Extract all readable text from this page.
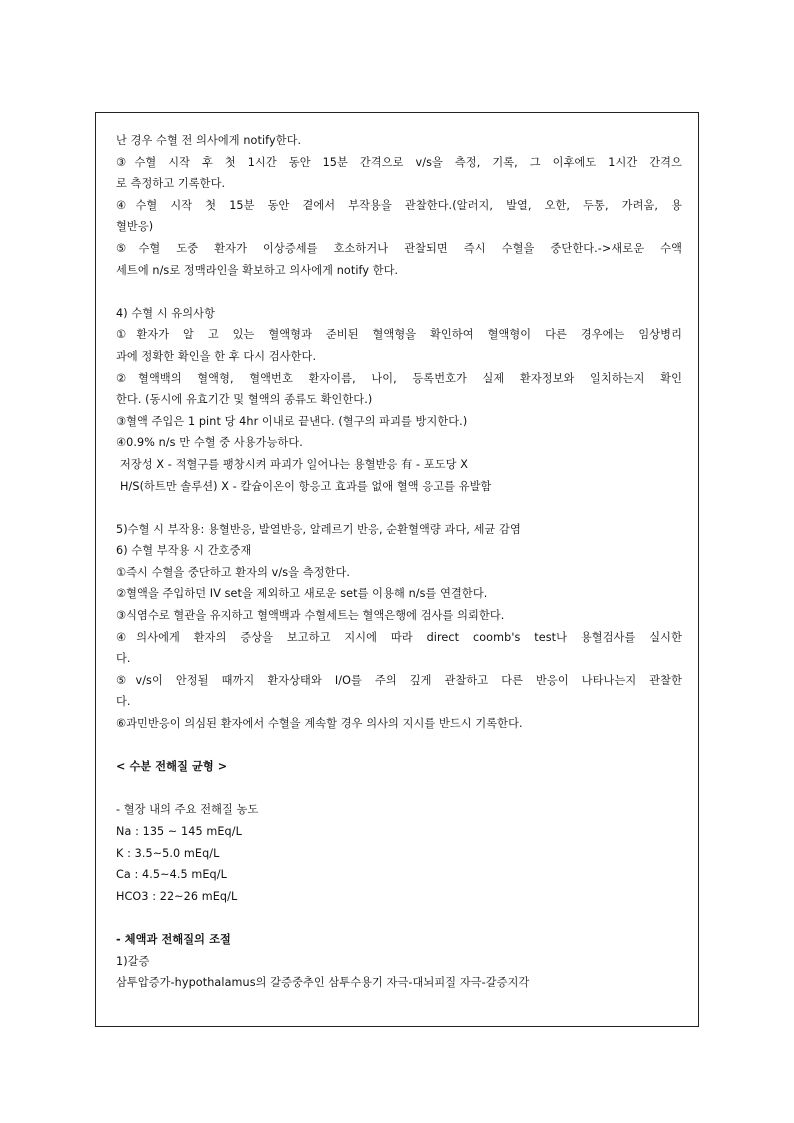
난 경우 수혈 전 의사에게 notify한다.
③수혈 시작 후 첫 1시간 동안 15분 간격으로 v/s을 측정, 기록, 그 이후에도 1시간 간격으
로 측정하고 기록한다.
④수혈 시작 첫 15분 동안 곁에서 부작용을 관찰한다.(알러지, 발열, 오한, 두통, 가려움, 용
혈반응)
⑤수혈 도중 환자가 이상증세를 호소하거나 관찰되면 즉시 수혈을 중단한다.->새로운 수액
세트에 n/s로 정맥라인을 확보하고 의사에게 notify 한다.
4) 수혈 시 유의사항
①환자가 알 고 있는 혈액형과 준비된 혈액형을 확인하여 혈액형이 다른 경우에는 임상병리
과에 정확한 확인을 한 후 다시 검사한다.
②혈액백의 혈액형, 혈액번호 환자이름, 나이, 등록번호가 실제 환자정보와 일치하는지 확인
한다. (동시에 유효기간 및 혈액의 종류도 확인한다.)
③혈액 주입은 1 pint 당 4hr 이내로 끝낸다. (혈구의 파괴를 방지한다.)
④0.9% n/s 만 수혈 중 사용가능하다.
저장성 X - 적혈구를 팽창시켜 파괴가 일어나는 용혈반응 有 - 포도당 X
H/S(하트만 솔루션) X - 칼슘이온이 항응고 효과를 없애 혈액 응고를 유발함
5)수혈 시 부작용: 용혈반응, 발열반응, 알레르기 반응, 순환혈액량 과다, 세균 감염
6) 수혈 부작용 시 간호중재
①즉시 수혈을 중단하고 환자의 v/s을 측정한다.
②혈액을 주입하던 IV set을 제외하고 새로운 set를 이용해 n/s를 연결한다.
③식염수로 혈관을 유지하고 혈액백과 수혈세트는 혈액은행에 검사를 의뢰한다.
④의사에게 환자의 증상을 보고하고 지시에 따라 direct coomb's test나 용혈검사를 실시한
다.
⑤v/s이 안정될 때까지 환자상태와 I/O를 주의 깊게 관찰하고 다른 반응이 나타나는지 관찰한
다.
⑥과민반응이 의심된 환자에서 수혈을 계속할 경우 의사의 지시를 반드시 기록한다.
< 수분 전해질 균형 >
- 혈장 내의 주요 전해질 농도
Na : 135 ~ 145 mEq/L
K : 3.5~5.0 mEq/L
Ca : 4.5~4.5 mEq/L
HCO3 : 22~26 mEq/L
- 체액과 전해질의 조절
1)갈증
삼투압증가-hypothalamus의 갈증중추인 삼투수용기 자극-대뇌피질 자극-갈증지각
